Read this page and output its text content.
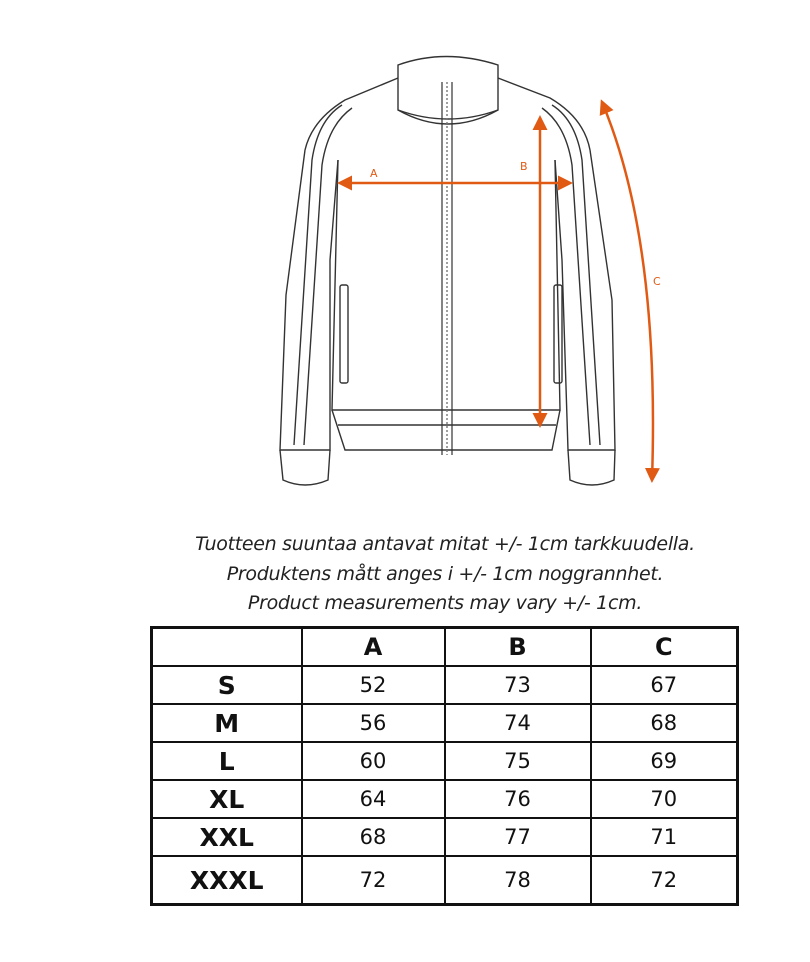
A
B
C
Tuotteen suuntaa antavat mitat +/- 1cm tarkkuudella.
Produktens mått anges i +/- 1cm noggrannhet.
Product measurements may vary +/- 1cm.
	A	B	C
S	52	73	67
M	56	74	68
L	60	75	69
XL	64	76	70
XXL	68	77	71
XXXL	72	78	72
